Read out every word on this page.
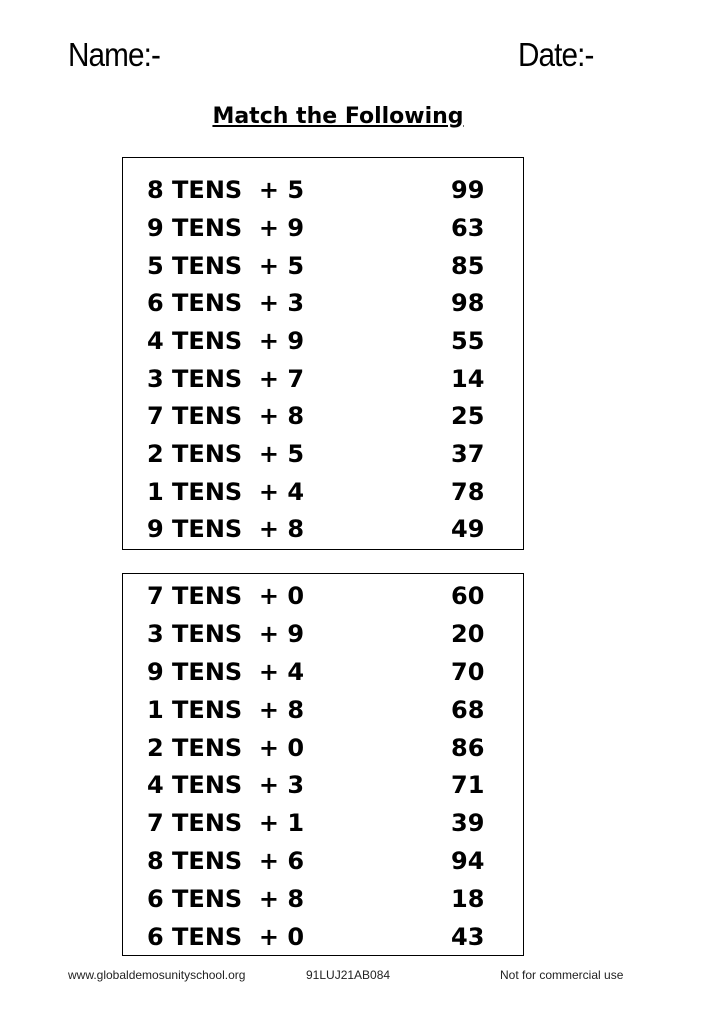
Name:-	Date:-
Match the Following
8 TENS  + 5	99
9 TENS  + 9	63
5 TENS  + 5	85
6 TENS  + 3	98
4 TENS  + 9	55
3 TENS  + 7	14
7 TENS  + 8	25
2 TENS  + 5	37
1 TENS  + 4	78
9 TENS  + 8	49
7 TENS  + 0	60
3 TENS  + 9	20
9 TENS  + 4	70
1 TENS  + 8	68
2 TENS  + 0	86
4 TENS  + 3	71
7 TENS  + 1	39
8 TENS  + 6	94
6 TENS  + 8	18
6 TENS  + 0	43
www.globaldemosunityschool.org	91LUJ21AB084	Not for commercial use
